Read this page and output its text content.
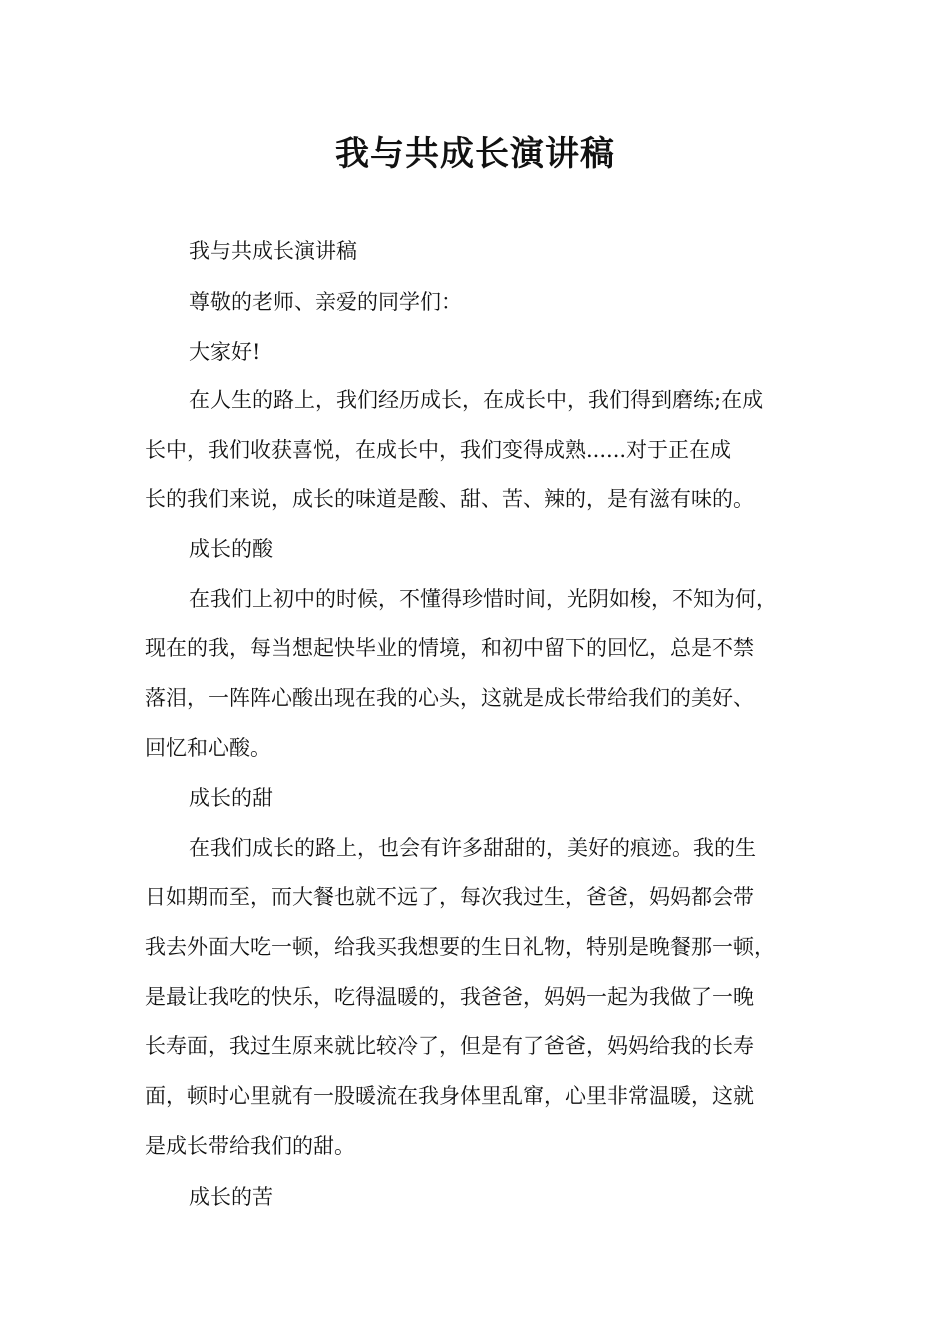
我与共成长演讲稿
我与共成长演讲稿
尊敬的老师、亲爱的同学们：
大家好!
在人生的路上，我们经历成长，在成长中，我们得到磨练;在成
长中，我们收获喜悦，在成长中，我们变得成熟......对于正在成
长的我们来说，成长的味道是酸、甜、苦、辣的，是有滋有味的。
成长的酸
在我们上初中的时候，不懂得珍惜时间，光阴如梭，不知为何，
现在的我，每当想起快毕业的情境，和初中留下的回忆，总是不禁
落泪，一阵阵心酸出现在我的心头，这就是成长带给我们的美好、
回忆和心酸。
成长的甜
在我们成长的路上，也会有许多甜甜的，美好的痕迹。我的生
日如期而至，而大餐也就不远了，每次我过生，爸爸，妈妈都会带
我去外面大吃一顿，给我买我想要的生日礼物，特别是晚餐那一顿，
是最让我吃的快乐，吃得温暖的，我爸爸，妈妈一起为我做了一晚
长寿面，我过生原来就比较冷了，但是有了爸爸，妈妈给我的长寿
面，顿时心里就有一股暖流在我身体里乱窜，心里非常温暖，这就
是成长带给我们的甜。
成长的苦
